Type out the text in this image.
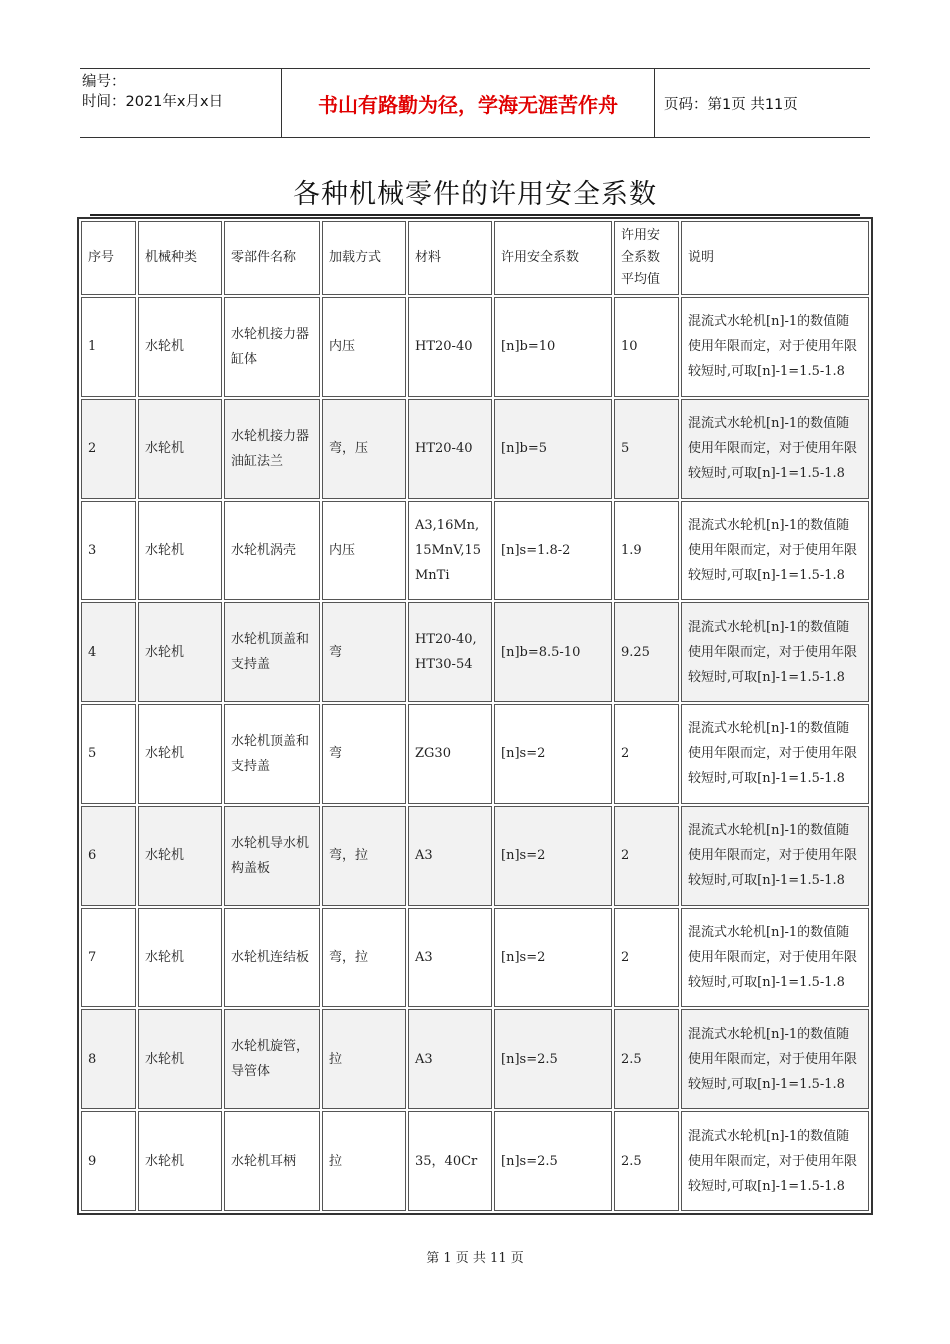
编号：
时间：2021年x月x日	书山有路勤为径，学海无涯苦作舟	页码：第1页 共11页
各种机械零件的许用安全系数
序号	机械种类	零部件名称	加载方式	材料	许用安全系数	许用安全系数平均值	说明
1	水轮机	水轮机接力器缸体	内压	HT20-40	[n]b=10	10	混流式水轮机[n]-1的数值随使用年限而定，对于使用年限较短时,可取[n]-1=1.5-1.8
2	水轮机	水轮机接力器油缸法兰	弯，压	HT20-40	[n]b=5	5	混流式水轮机[n]-1的数值随使用年限而定，对于使用年限较短时,可取[n]-1=1.5-1.8
3	水轮机	水轮机涡壳	内压	A3,16Mn,15MnV,15MnTi	[n]s=1.8-2	1.9	混流式水轮机[n]-1的数值随使用年限而定，对于使用年限较短时,可取[n]-1=1.5-1.8
4	水轮机	水轮机顶盖和支持盖	弯	HT20-40,HT30-54	[n]b=8.5-10	9.25	混流式水轮机[n]-1的数值随使用年限而定，对于使用年限较短时,可取[n]-1=1.5-1.8
5	水轮机	水轮机顶盖和支持盖	弯	ZG30	[n]s=2	2	混流式水轮机[n]-1的数值随使用年限而定，对于使用年限较短时,可取[n]-1=1.5-1.8
6	水轮机	水轮机导水机构盖板	弯，拉	A3	[n]s=2	2	混流式水轮机[n]-1的数值随使用年限而定，对于使用年限较短时,可取[n]-1=1.5-1.8
7	水轮机	水轮机连结板	弯，拉	A3	[n]s=2	2	混流式水轮机[n]-1的数值随使用年限而定，对于使用年限较短时,可取[n]-1=1.5-1.8
8	水轮机	水轮机旋管，导管体	拉	A3	[n]s=2.5	2.5	混流式水轮机[n]-1的数值随使用年限而定，对于使用年限较短时,可取[n]-1=1.5-1.8
9	水轮机	水轮机耳柄	拉	35，40Cr	[n]s=2.5	2.5	混流式水轮机[n]-1的数值随使用年限而定，对于使用年限较短时,可取[n]-1=1.5-1.8
第 1 页 共 11 页
